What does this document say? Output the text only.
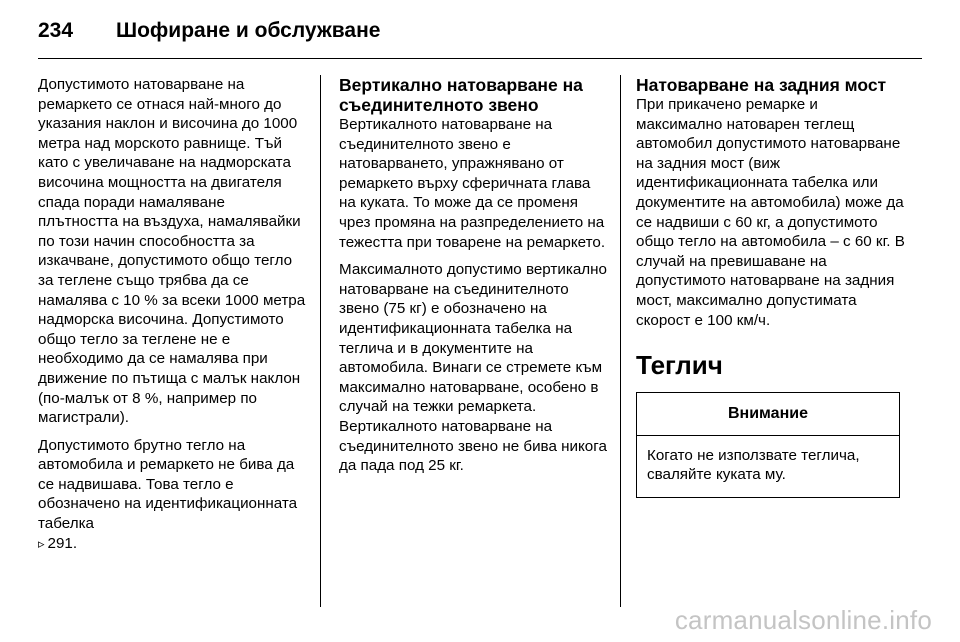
234	Шофиране и обслужване

Допустимото натоварване на ремаркето се отнася най-много до указания наклон и височина до 1000 метра над морското равнище. Тъй като с увеличаване на надморската височина мощността на двигателя спада поради намаляване плътността на въздуха, намалявайки по този начин способността за изкачване, допустимото общо тегло за теглене също трябва да се намалява с 10 % за всеки 1000 метра надморска височина. Допустимото общо тегло за теглене не е необходимо да се намалява при движение по пътища с малък наклон (по-малък от 8 %, например по магистрали).

Допустимото брутно тегло на автомобила и ремаркето не бива да се надвишава. Това тегло е обозначено на идентификационната табелка
▹ 291.

Вертикално натоварване на съединителното звено

Вертикалното натоварване на съединителното звено е натоварването, упражнявано от ремаркето върху сферичната глава на куката. То може да се променя чрез промяна на разпределението на тежестта при товарене на ремаркето.

Максималното допустимо вертикално натоварване на съединителното звено (75 кг) е обозначено на идентификационната табелка на теглича и в документите на автомобила. Винаги се стремете към максимално натоварване, особено в случай на тежки ремаркета. Вертикалното натоварване на съединителното звено не бива никога да пада под 25 кг.

Натоварване на задния мост

При прикачено ремарке и максимално натоварен теглещ автомобил допустимото натоварване на задния мост (виж идентификационната табелка или документите на автомобила) може да се надвиши с 60 кг, а допустимото общо тегло на автомобила – с 60 кг. В случай на превишаване на допустимото натоварване на задния мост, максимално допустимата скорост е 100 км/ч.

Теглич
Внимание
Когато не използвате теглича, сваляйте куката му.
carmanualsonline.info
